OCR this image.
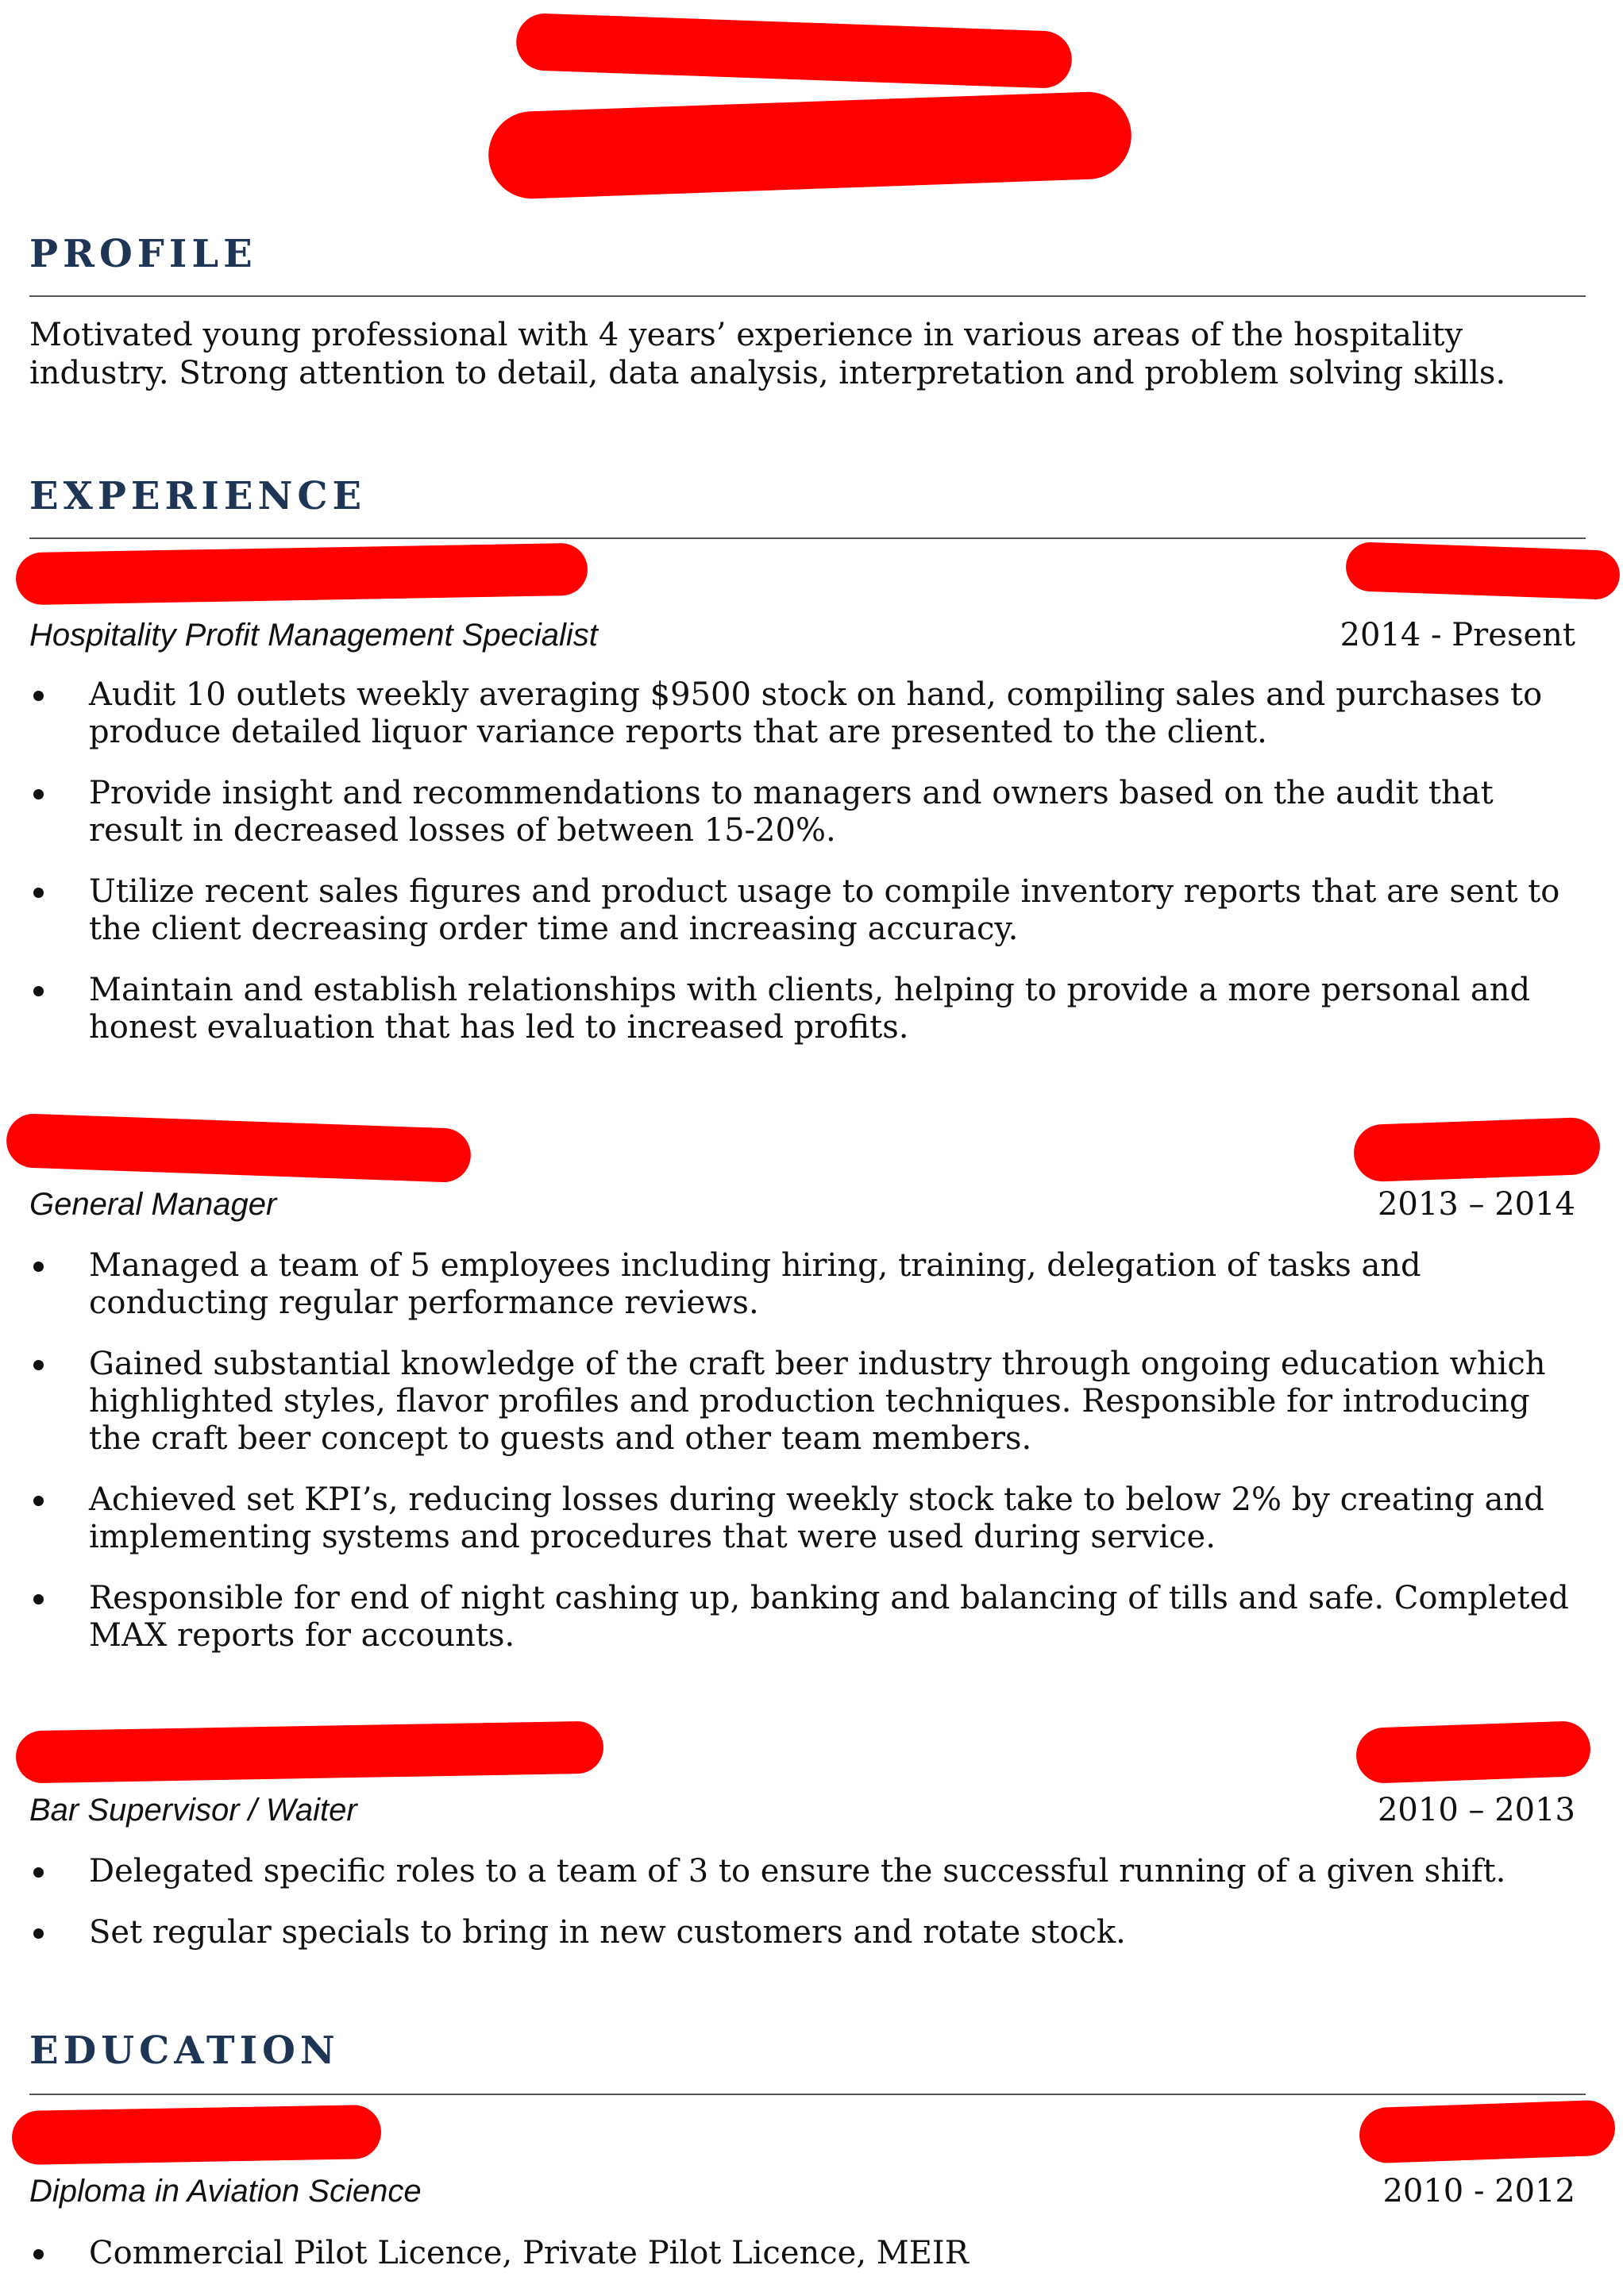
PROFILE
Motivated young professional with 4 years’ experience in various areas of the hospitality industry. Strong attention to detail, data analysis, interpretation and problem solving skills.
EXPERIENCE
Hospitality Profit Management Specialist	2014 - Present
Audit 10 outlets weekly averaging $9500 stock on hand, compiling sales and purchases to produce detailed liquor variance reports that are presented to the client.
Provide insight and recommendations to managers and owners based on the audit that result in decreased losses of between 15-20%.
Utilize recent sales figures and product usage to compile inventory reports that are sent to the client decreasing order time and increasing accuracy.
Maintain and establish relationships with clients, helping to provide a more personal and honest evaluation that has led to increased profits.
General Manager	2013 – 2014
Managed a team of 5 employees including hiring, training, delegation of tasks and conducting regular performance reviews.
Gained substantial knowledge of the craft beer industry through ongoing education which highlighted styles, flavor profiles and production techniques. Responsible for introducing the craft beer concept to guests and other team members.
Achieved set KPI’s, reducing losses during weekly stock take to below 2% by creating and implementing systems and procedures that were used during service.
Responsible for end of night cashing up, banking and balancing of tills and safe. Completed MAX reports for accounts.
Bar Supervisor / Waiter	2010 – 2013
Delegated specific roles to a team of 3 to ensure the successful running of a given shift.
Set regular specials to bring in new customers and rotate stock.
EDUCATION
Diploma in Aviation Science	2010 - 2012
Commercial Pilot Licence, Private Pilot Licence, MEIR
